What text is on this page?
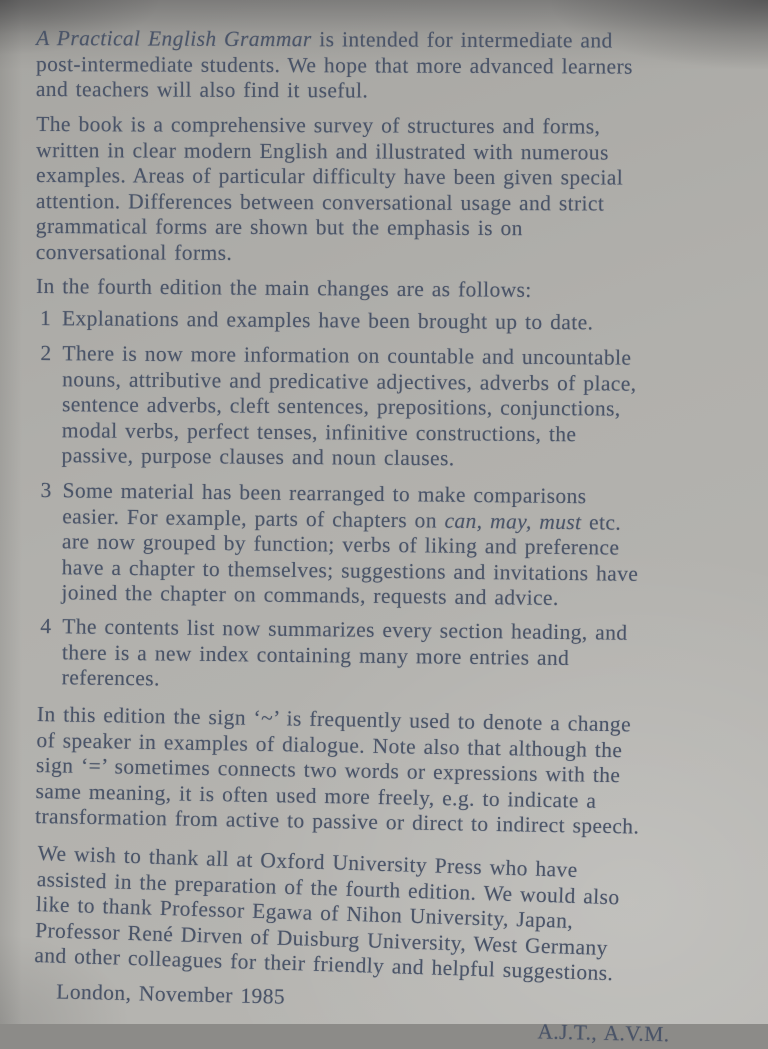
A Practical English Grammar is intended for intermediate and
post-intermediate students. We hope that more advanced learners
and teachers will also find it useful.

The book is a comprehensive survey of structures and forms,
written in clear modern English and illustrated with numerous
examples. Areas of particular difficulty have been given special
attention. Differences between conversational usage and strict
grammatical forms are shown but the emphasis is on
conversational forms.

In the fourth edition the main changes are as follows:

1 Explanations and examples have been brought up to date.
2 There is now more information on countable and uncountable
nouns, attributive and predicative adjectives, adverbs of place,
sentence adverbs, cleft sentences, prepositions, conjunctions,
modal verbs, perfect tenses, infinitive constructions, the
passive, purpose clauses and noun clauses.
3 Some material has been rearranged to make comparisons
easier. For example, parts of chapters on can, may, must etc.
are now grouped by function; verbs of liking and preference
have a chapter to themselves; suggestions and invitations have
joined the chapter on commands, requests and advice.
4 The contents list now summarizes every section heading, and
there is a new index containing many more entries and
references.

In this edition the sign ‘~’ is frequently used to denote a change
of speaker in examples of dialogue. Note also that although the
sign ‘=’ sometimes connects two words or expressions with the
same meaning, it is often used more freely, e.g. to indicate a
transformation from active to passive or direct to indirect speech.

We wish to thank all at Oxford University Press who have
assisted in the preparation of the fourth edition. We would also
like to thank Professor Egawa of Nihon University, Japan,
Professor René Dirven of Duisburg University, West Germany
and other colleagues for their friendly and helpful suggestions.

London, November 1985
A.J.T., A.V.M.
